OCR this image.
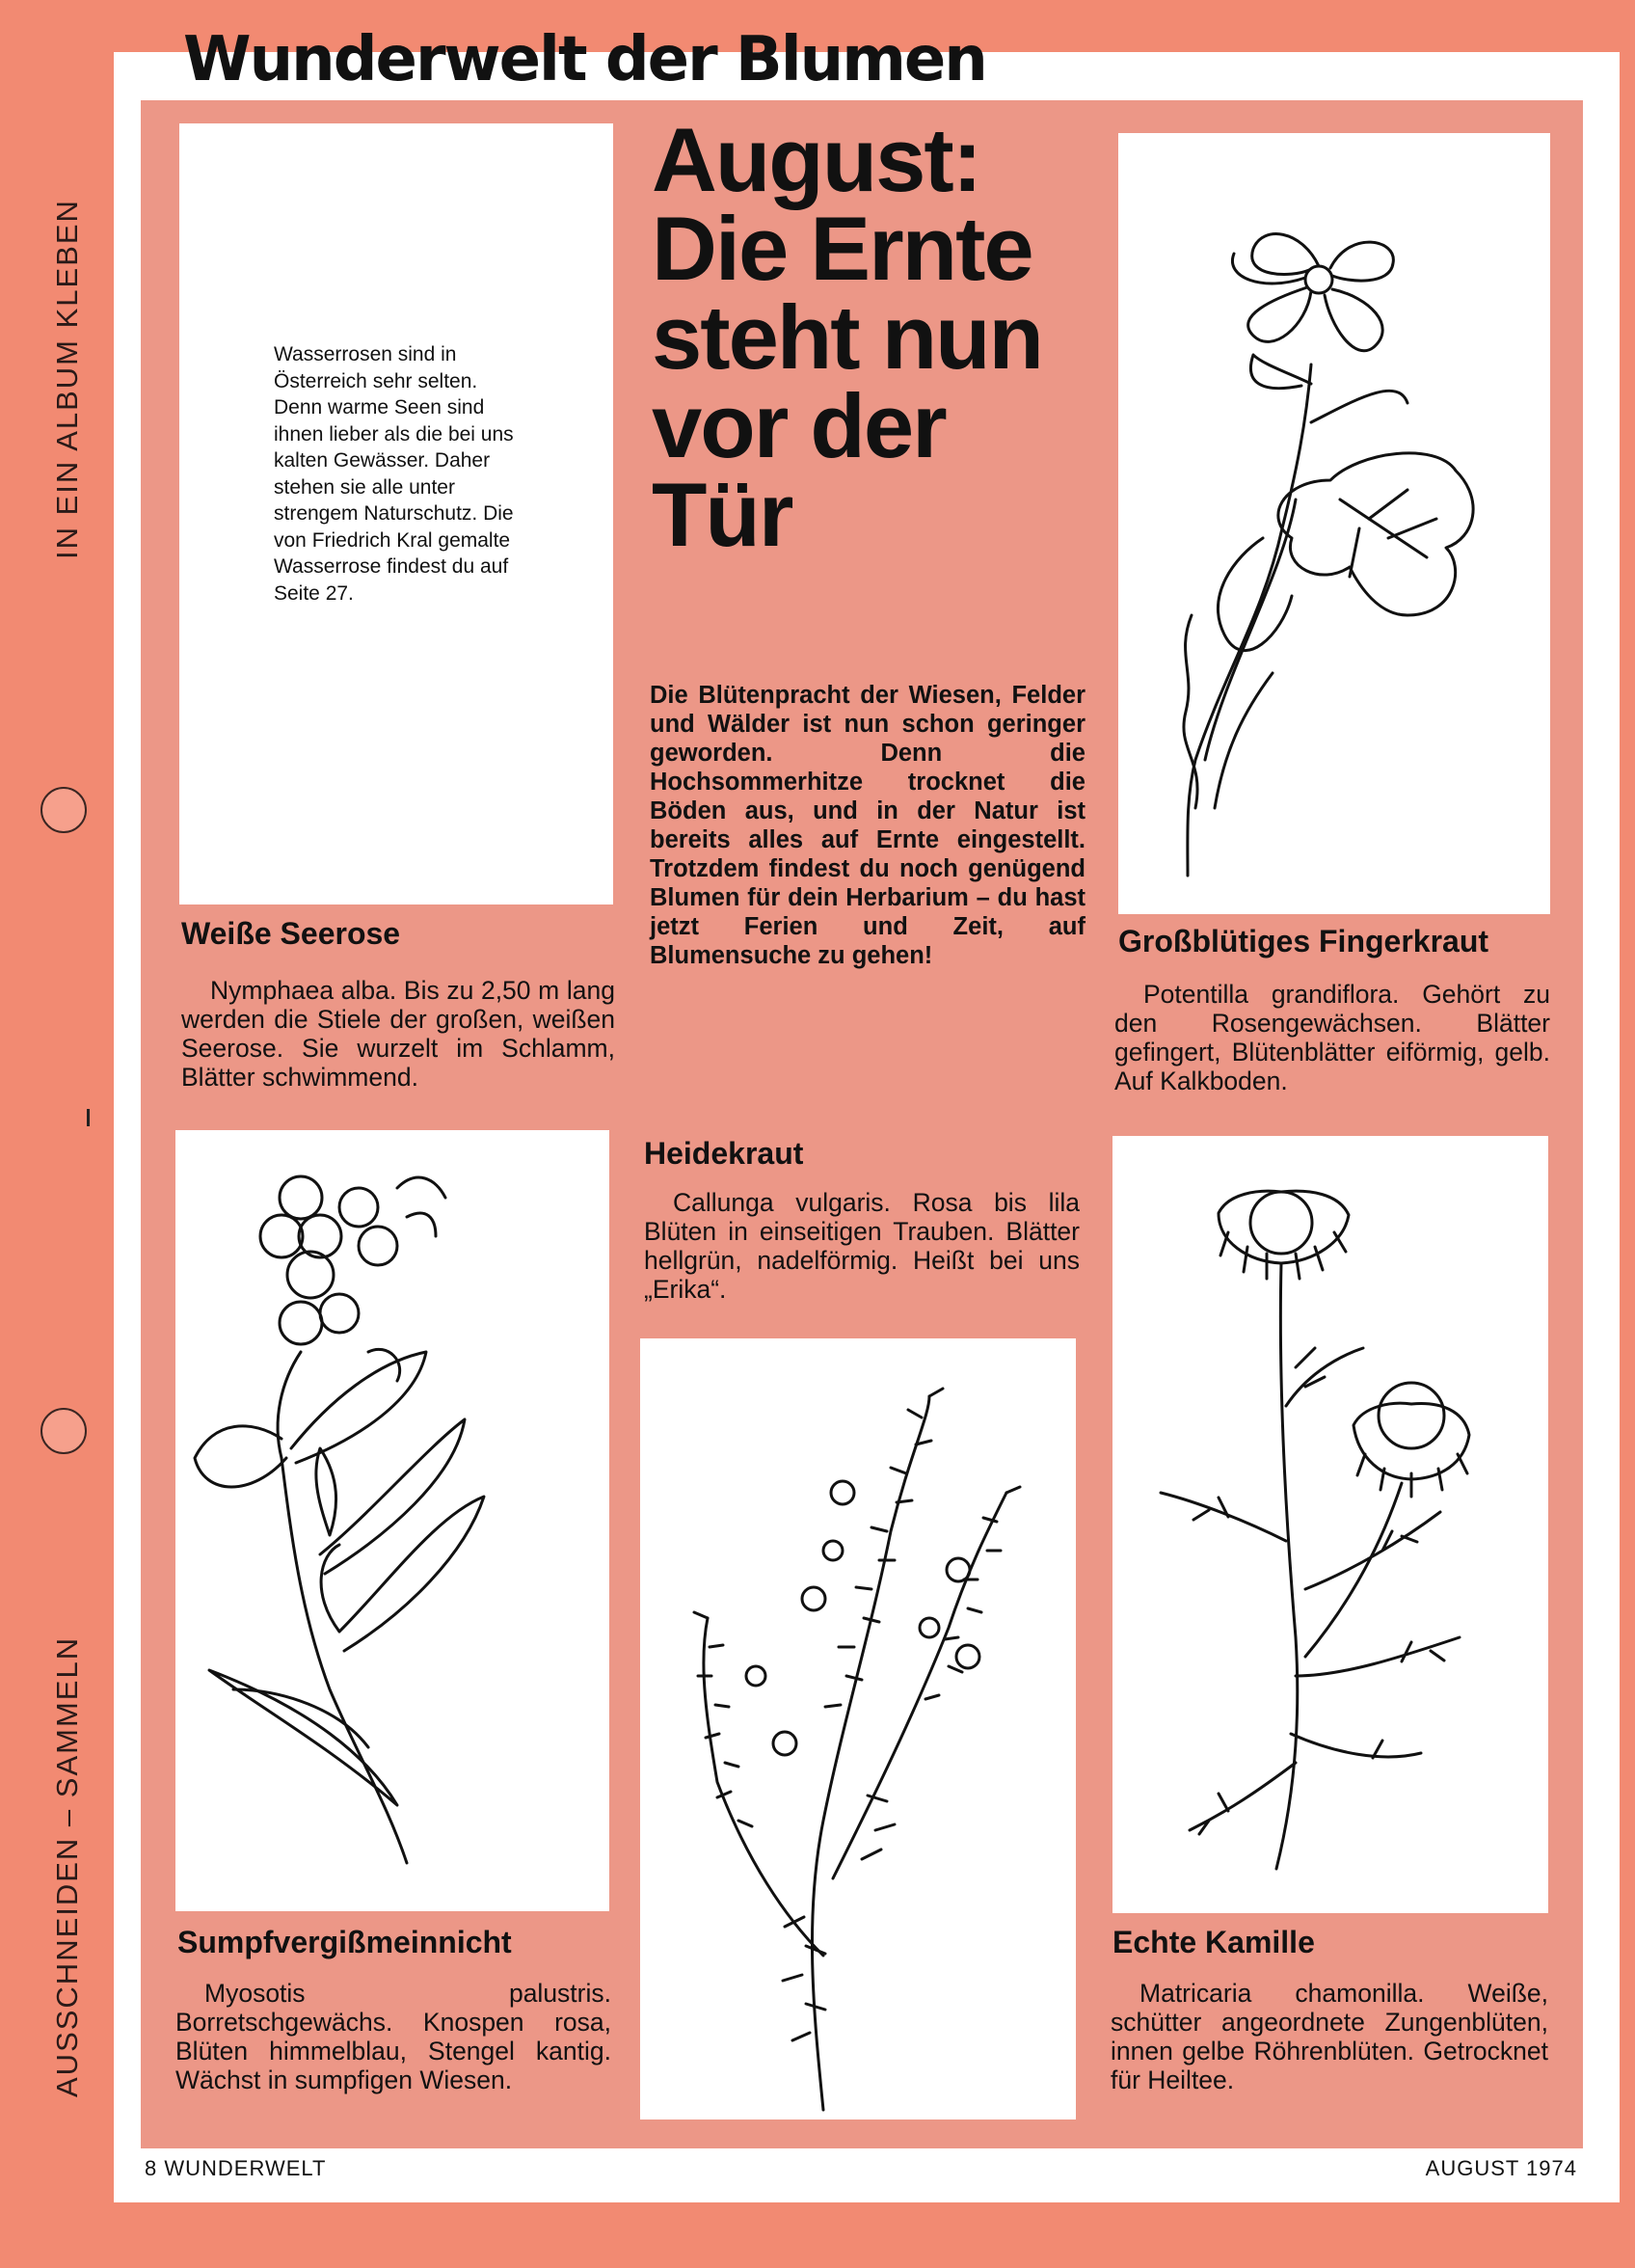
Wunderwelt der Blumen
IN EIN ALBUM KLEBEN
AUSSCHNEIDEN – SAMMELN

Wasserrosen sind in Österreich sehr selten. Denn warme Seen sind ihnen lieber als die bei uns kalten Gewässer. Daher stehen sie alle unter strengem Naturschutz. Die von Friedrich Kral gemalte Wasserrose findest du auf Seite 27.

August: Die Ernte steht nun vor der Tür

Die Blütenpracht der Wiesen, Felder und Wälder ist nun schon geringer geworden. Denn die Hochsommerhitze trocknet die Böden aus, und in der Natur ist bereits alles auf Ernte eingestellt. Trotzdem findest du noch genügend Blumen für dein Herbarium – du hast jetzt Ferien und Zeit, auf Blumensuche zu gehen!

Weiße Seerose

Nymphaea alba. Bis zu 2,50 m lang werden die Stiele der großen, weißen Seerose. Sie wurzelt im Schlamm, Blätter schwimmend.

Großblütiges Fingerkraut

Potentilla grandiflora. Gehört zu den Rosengewächsen. Blätter gefingert, Blütenblätter eiförmig, gelb. Auf Kalkboden.

Heidekraut

Callunga vulgaris. Rosa bis lila Blüten in einseitigen Trauben. Blätter hellgrün, nadelförmig. Heißt bei uns „Erika“.

Sumpfvergißmeinnicht

Myosotis palustris. Borretschgewächs. Knospen rosa, Blüten himmelblau, Stengel kantig. Wächst in sumpfigen Wiesen.

Echte Kamille

Matricaria chamonilla. Weiße, schütter angeordnete Zungenblüten, innen gelbe Röhrenblüten. Getrocknet für Heiltee.

8 WUNDERWELT	AUGUST 1974
